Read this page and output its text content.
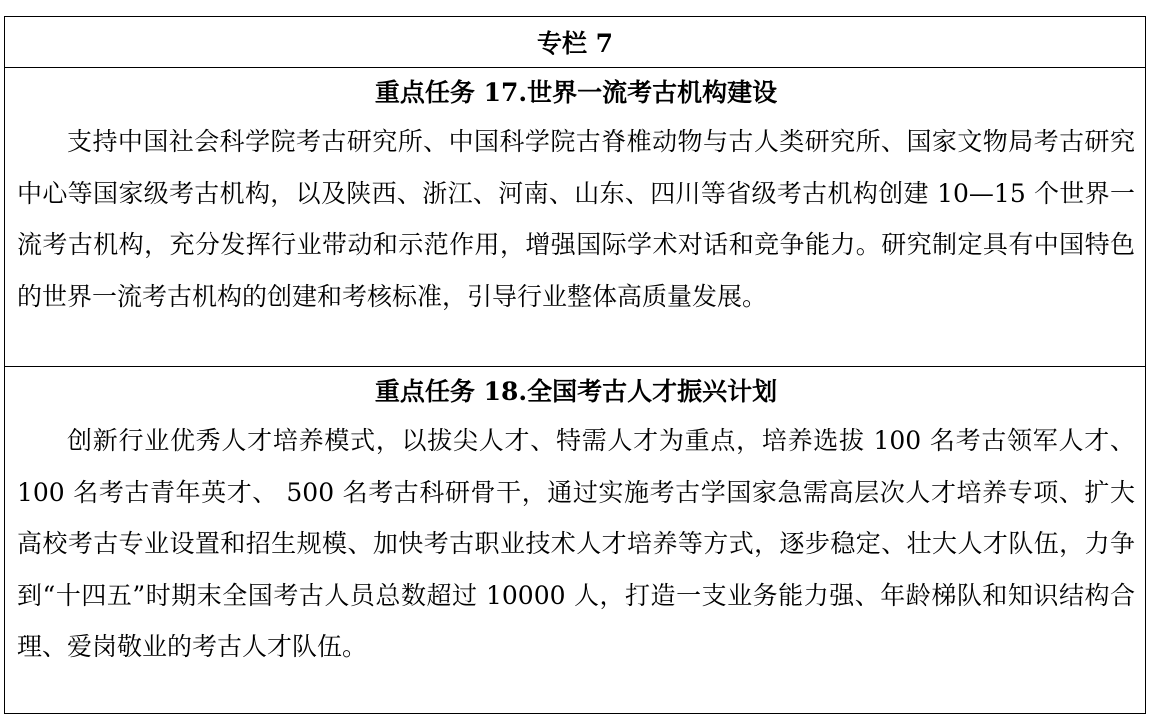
专栏 7
重点任务 17.世界一流考古机构建设

支持中国社会科学院考古研究所、中国科学院古脊椎动物与古人类研究所、国家文物局考古研究中心等国家级考古机构，以及陕西、浙江、河南、山东、四川等省级考古机构创建 10—15 个世界一流考古机构，充分发挥行业带动和示范作用，增强国际学术对话和竞争能力。研究制定具有中国特色的世界一流考古机构的创建和考核标准，引导行业整体高质量发展。

重点任务 18.全国考古人才振兴计划

创新行业优秀人才培养模式，以拔尖人才、特需人才为重点，培养选拔 100 名考古领军人才、100 名考古青年英才、 500 名考古科研骨干，通过实施考古学国家急需高层次人才培养专项、扩大高校考古专业设置和招生规模、加快考古职业技术人才培养等方式，逐步稳定、壮大人才队伍，力争到“十四五”时期末全国考古人员总数超过 10000 人，打造一支业务能力强、年龄梯队和知识结构合理、爱岗敬业的考古人才队伍。
